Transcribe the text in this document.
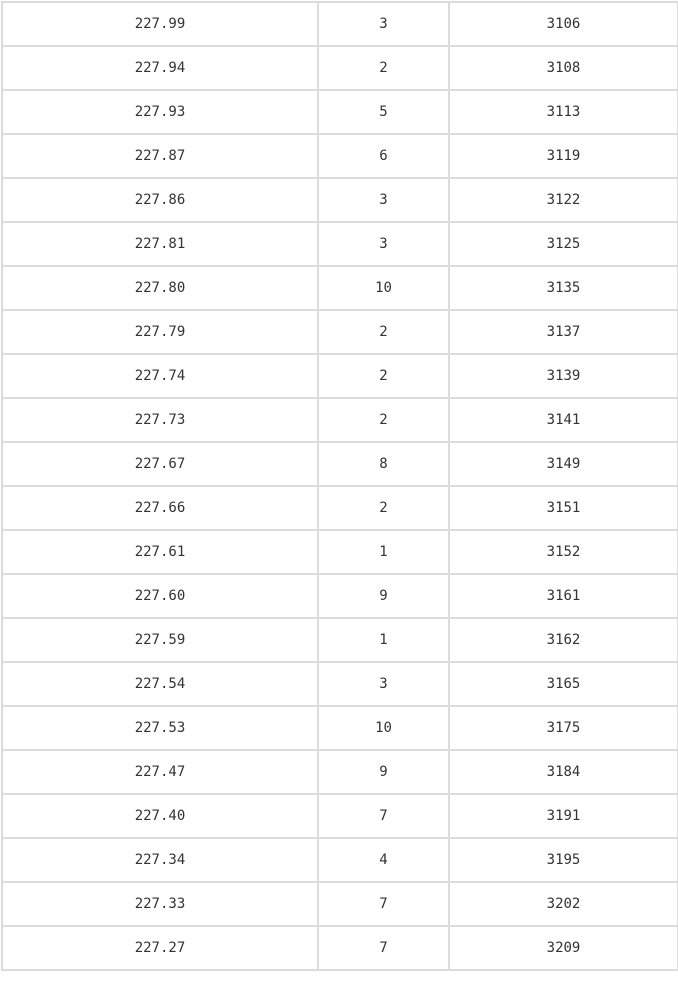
227.99	3	3106
227.94	2	3108
227.93	5	3113
227.87	6	3119
227.86	3	3122
227.81	3	3125
227.80	10	3135
227.79	2	3137
227.74	2	3139
227.73	2	3141
227.67	8	3149
227.66	2	3151
227.61	1	3152
227.60	9	3161
227.59	1	3162
227.54	3	3165
227.53	10	3175
227.47	9	3184
227.40	7	3191
227.34	4	3195
227.33	7	3202
227.27	7	3209
